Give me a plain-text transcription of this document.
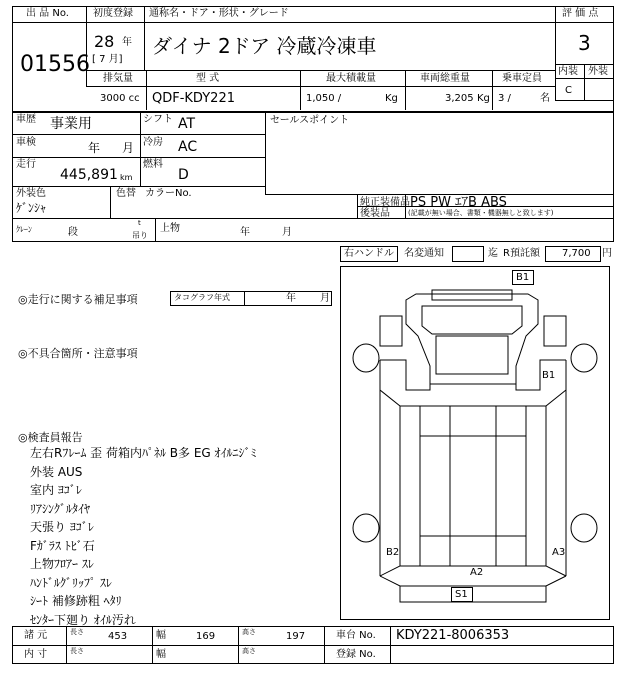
出 品 No.
01556
初度登録
28 年
[ 7 月]
通称名・ドア・形状・グレード
ダイナ 2ドア 冷蔵冷凍車
評 価 点
3
内装 外装
C
排気量
3000 cc
型 式
QDF-KDY221
最大積載量
1,050 /	Kg
車両総重量
3,205 Kg
乗車定員
3 /	名
車歴 事業用	シフト AT
車検	年 月 冷房 AC
走行
445,891 km
燃料
D
外装色
ｹﾞﾝｼｬ
色替 カラーNo.
セールスポイント
純正装備品 PS PW ｴｱB ABS
後装品	(記載が無い場合、書類・機器無しと致します)
ｸﾚｰﾝ	段
t
吊り
上物	年	月
右ハンドル 名変通知	迄 R預託額 7,700 円
◎走行に関する補足事項	タコグラフ年式	年 月
◎不具合箇所・注意事項
◎検査員報告
左右Rﾌﾚｰﾑ 歪 荷箱内ﾊﾟﾈﾙ B多 EG ｵｲﾙﾆｼﾞﾐ
外装 AUS
室内 ﾖｺﾞﾚ
ﾘｱｼﾝｸﾞﾙﾀｲﾔ
天張り ﾖｺﾞﾚ
Fｶﾞﾗｽ ﾄﾋﾞ石
上物ﾌﾛｱｰ ｽﾚ
ﾊﾝﾄﾞﾙｸﾞﾘｯﾌﾟ ｽﾚ
ｼｰﾄ 補修跡粗 ﾍﾀﾘ
ｾﾝﾀｰ下廻り ｵｲﾙ汚れ
B1
B1
B2	A3
A2
S1
諸 元	長さ 453	幅	169	高さ	197	車台 No. KDY221-8006353
内 寸	長さ	幅	高さ	登録 No.
